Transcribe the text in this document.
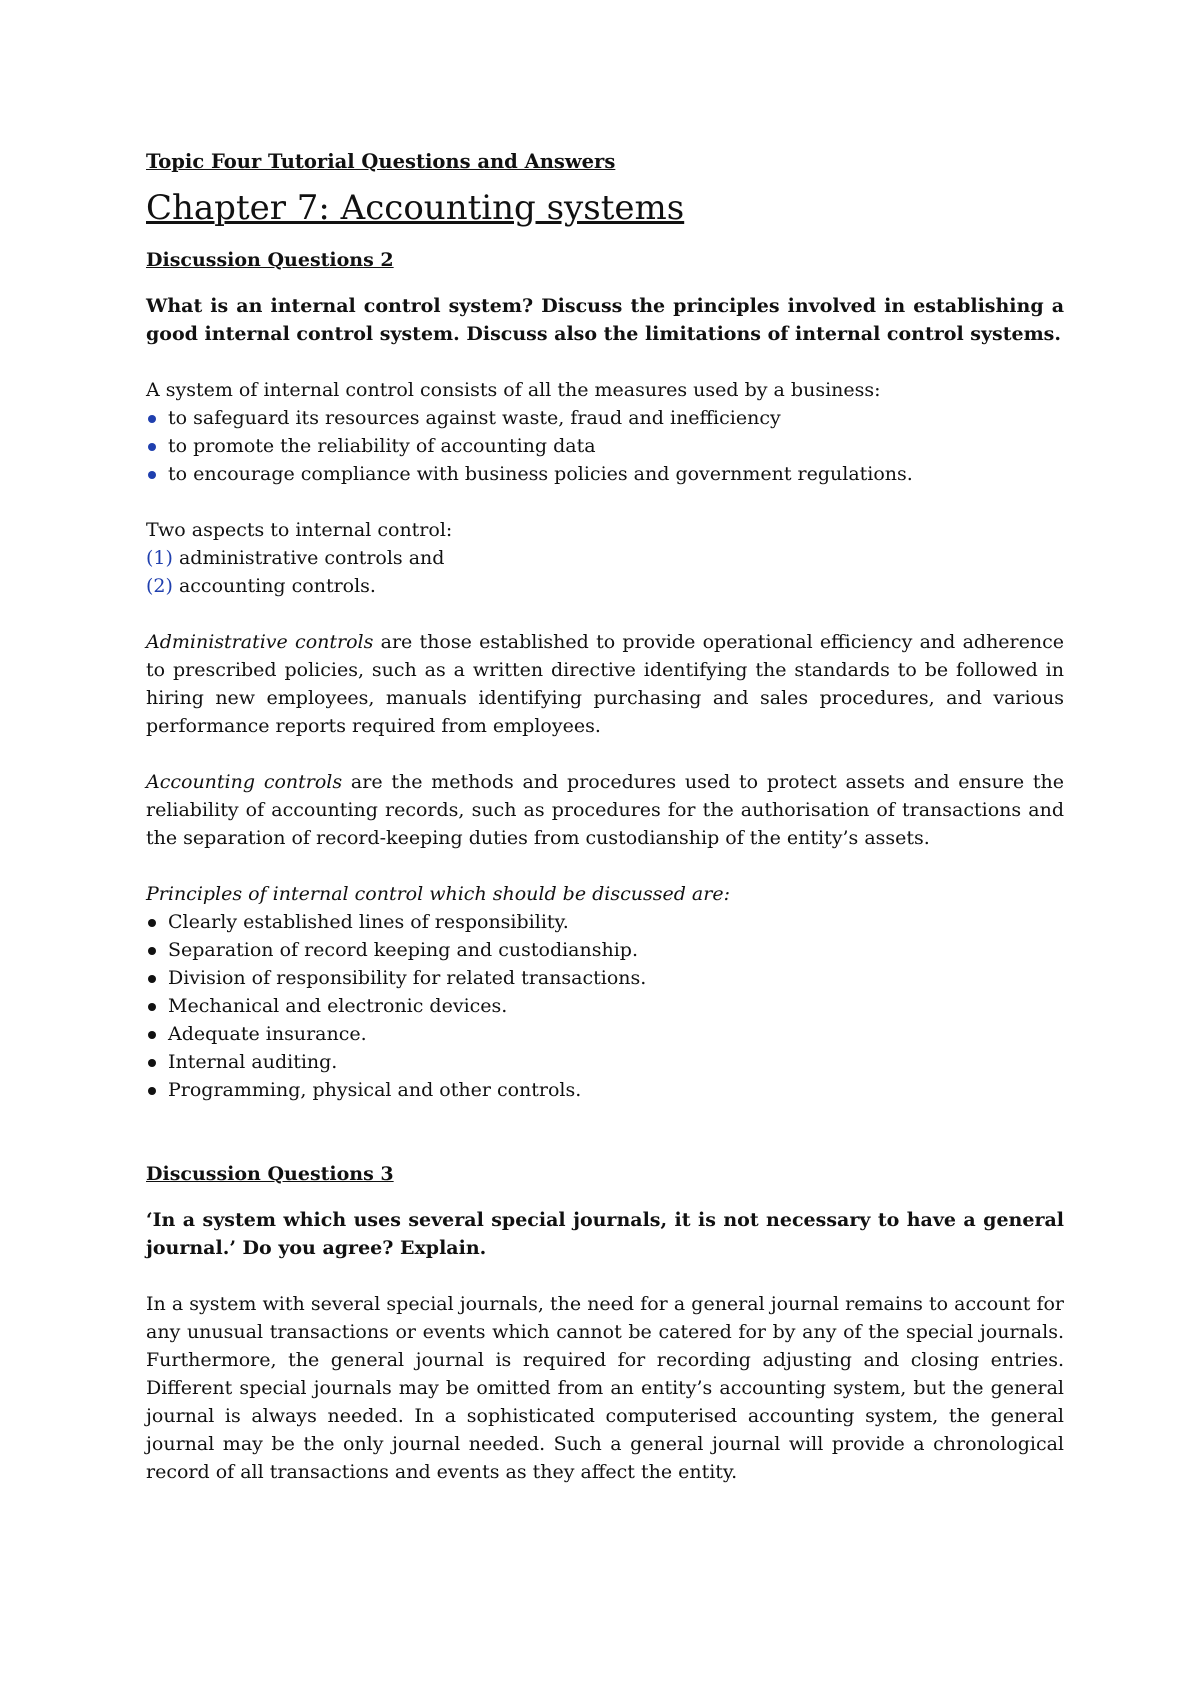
Topic Four Tutorial Questions and Answers

Chapter 7: Accounting systems

Discussion Questions 2

What is an internal control system? Discuss the principles involved in establishing a good internal control system. Discuss also the limitations of internal control systems.

A system of internal control consists of all the measures used by a business:

to safeguard its resources against waste, fraud and inefficiency
to promote the reliability of accounting data
to encourage compliance with business policies and government regulations.

Two aspects to internal control:

(1) administrative controls and

(2) accounting controls.

Administrative controls are those established to provide operational efficiency and adherence to prescribed policies, such as a written directive identifying the standards to be followed in hiring new employees, manuals identifying purchasing and sales procedures, and various performance reports required from employees.

Accounting controls are the methods and procedures used to protect assets and ensure the reliability of accounting records, such as procedures for the authorisation of transactions and the separation of record-keeping duties from custodianship of the entity’s assets.

Principles of internal control which should be discussed are:

Clearly established lines of responsibility.
Separation of record keeping and custodianship.
Division of responsibility for related transactions.
Mechanical and electronic devices.
Adequate insurance.
Internal auditing.
Programming, physical and other controls.

Discussion Questions 3

‘In a system which uses several special journals, it is not necessary to have a general journal.’ Do you agree? Explain.

In a system with several special journals, the need for a general journal remains to account for any unusual transactions or events which cannot be catered for by any of the special journals. Furthermore, the general journal is required for recording adjusting and closing entries. Different special journals may be omitted from an entity’s accounting system, but the general journal is always needed. In a sophisticated computerised accounting system, the general journal may be the only journal needed. Such a general journal will provide a chronological record of all transactions and events as they affect the entity.
